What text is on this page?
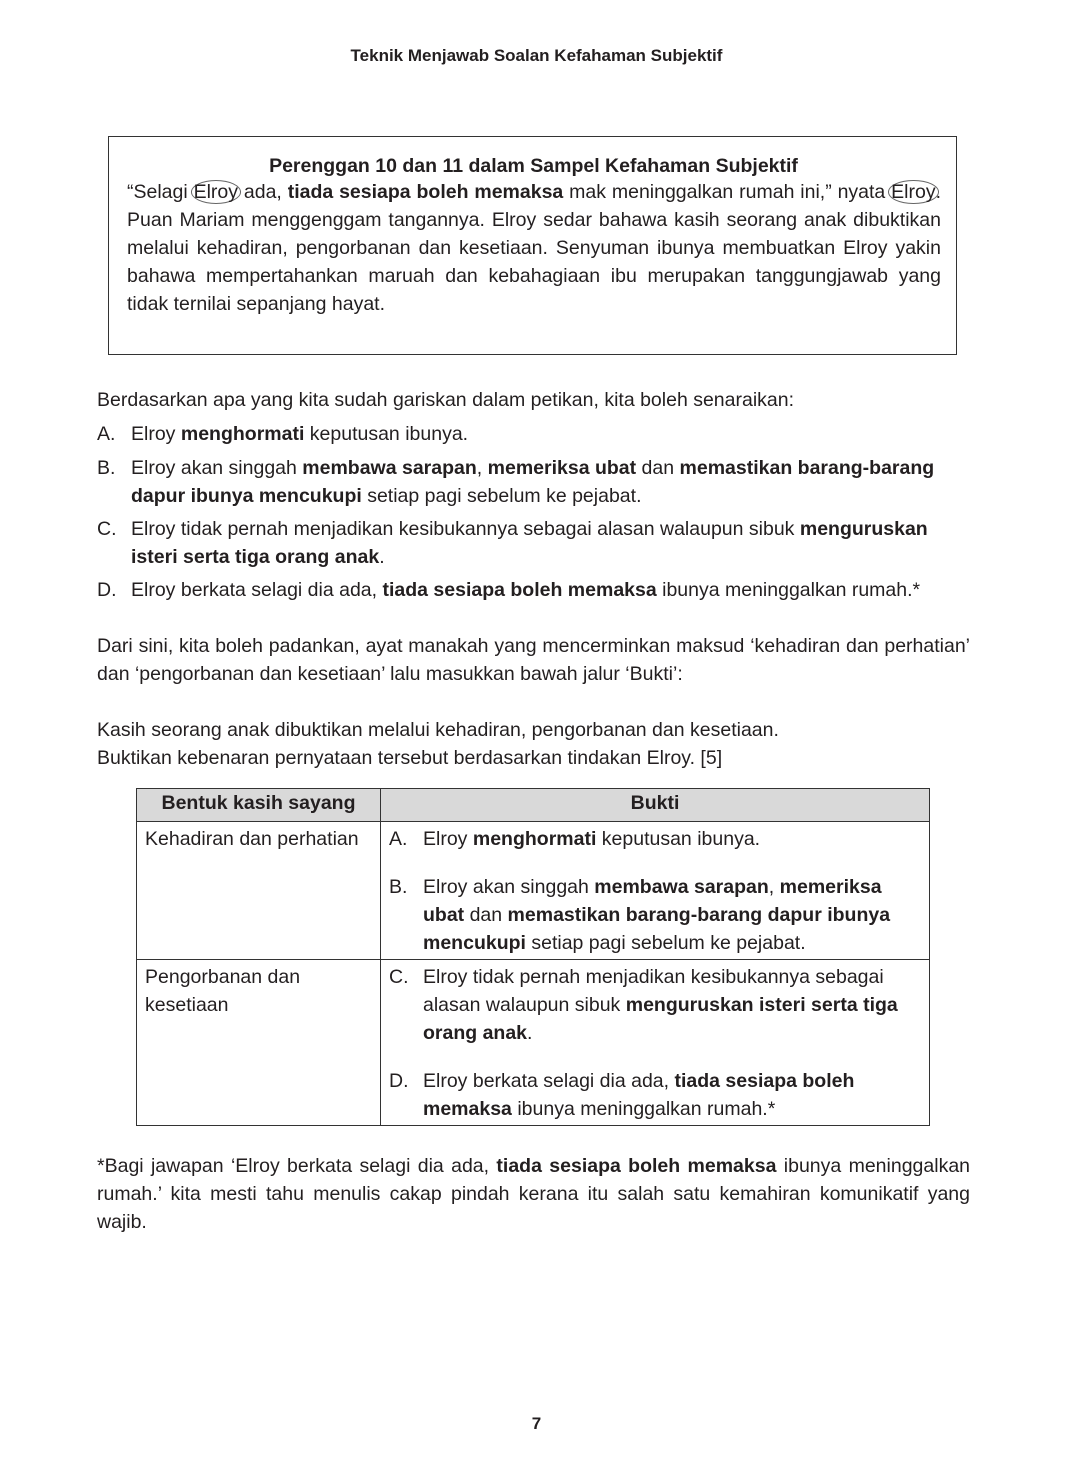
Teknik Menjawab Soalan Kefahaman Subjektif
Perenggan 10 dan 11 dalam Sampel Kefahaman Subjektif
“Selagi Elroy ada, tiada sesiapa boleh memaksa mak meninggalkan rumah ini,” nyata Elroy. Puan Mariam menggenggam tangannya. Elroy sedar bahawa kasih seorang anak dibuktikan melalui kehadiran, pengorbanan dan kesetiaan. Senyuman ibunya membuatkan Elroy yakin bahawa mempertahankan maruah dan kebahagiaan ibu merupakan tanggungjawab yang tidak ternilai sepanjang hayat.
Berdasarkan apa yang kita sudah gariskan dalam petikan, kita boleh senaraikan:
A. Elroy menghormati keputusan ibunya.
B. Elroy akan singgah membawa sarapan, memeriksa ubat dan memastikan barang-barang dapur ibunya mencukupi setiap pagi sebelum ke pejabat.
C. Elroy tidak pernah menjadikan kesibukannya sebagai alasan walaupun sibuk menguruskan isteri serta tiga orang anak.
D. Elroy berkata selagi dia ada, tiada sesiapa boleh memaksa ibunya meninggalkan rumah.*
Dari sini, kita boleh padankan, ayat manakah yang mencerminkan maksud ‘kehadiran dan perhatian’ dan ‘pengorbanan dan kesetiaan’ lalu masukkan bawah jalur ‘Bukti’:
Kasih seorang anak dibuktikan melalui kehadiran, pengorbanan dan kesetiaan.
Buktikan kebenaran pernyataan tersebut berdasarkan tindakan Elroy. [5]
Bentuk kasih sayang	Bukti
Kehadiran dan perhatian	A. Elroy menghormati keputusan ibunya.
B. Elroy akan singgah membawa sarapan, memeriksa ubat dan memastikan barang-barang dapur ibunya mencukupi setiap pagi sebelum ke pejabat.

Pengorbanan dan kesetiaan	C. Elroy tidak pernah menjadikan kesibukannya sebagai alasan walaupun sibuk menguruskan isteri serta tiga orang anak.
D. Elroy berkata selagi dia ada, tiada sesiapa boleh memaksa ibunya meninggalkan rumah.*
*Bagi jawapan ‘Elroy berkata selagi dia ada, tiada sesiapa boleh memaksa ibunya meninggalkan rumah.’ kita mesti tahu menulis cakap pindah kerana itu salah satu kemahiran komunikatif yang wajib.
7
